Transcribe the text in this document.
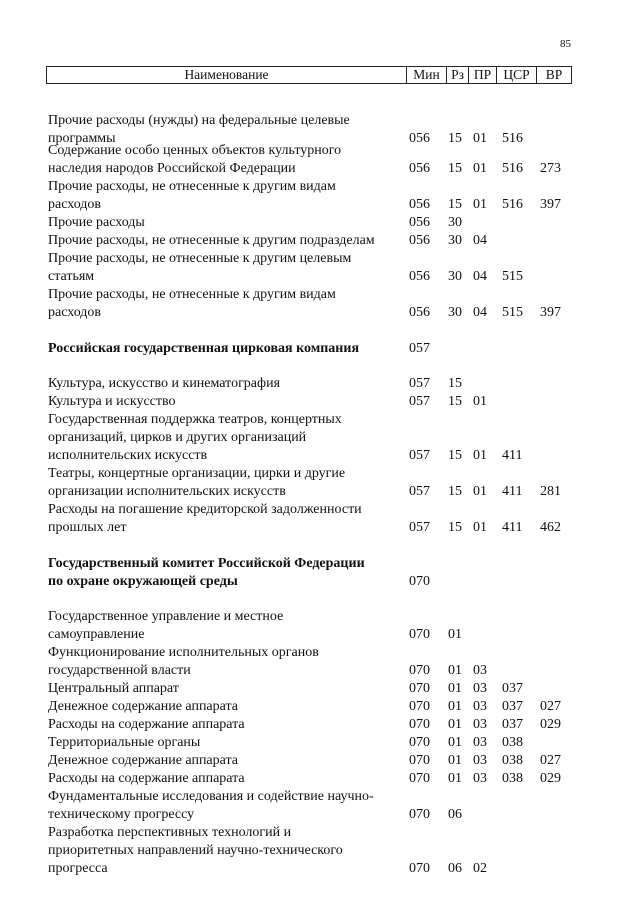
85
Наименование	Мин Рз ПР ЦСР	ВР
Прочие расходы (нужды) на федеральные целевые
программы	056 15 01 516
Содержание особо ценных объектов культурного
наследия народов Российской Федерации	056 15 01 516 273
Прочие расходы, не отнесенные к другим видам
расходов	056 15 01 516 397
Прочие расходы	056 30
Прочие расходы, не отнесенные к другим подразделам	056 30 04
Прочие расходы, не отнесенные к другим целевым
статьям	056 30 04 515
Прочие расходы, не отнесенные к другим видам
расходов	056 30 04 515 397
Российская государственная цирковая компания	057
Культура, искусство и кинематография	057 15
Культура и искусство	057 15 01
Государственная поддержка театров, концертных
организаций, цирков и других организаций
исполнительских искусств	057 15 01 411
Театры, концертные организации, цирки и другие
организации исполнительских искусств	057 15 01 411 281
Расходы на погашение кредиторской задолженности
прошлых лет	057 15 01 411 462
Государственный комитет Российской Федерации
по охране окружающей среды	070
Государственное управление и местное
самоуправление	070 01
Функционирование исполнительных органов
государственной власти	070 01 03
Центральный аппарат	070 01 03 037
Денежное содержание аппарата	070 01 03 037 027
Расходы на содержание аппарата	070 01 03 037 029
Территориальные органы	070 01 03 038
Денежное содержание аппарата	070 01 03 038 027
Расходы на содержание аппарата	070 01 03 038 029
Фундаментальные исследования и содействие научно-
техническому прогрессу	070 06
Разработка перспективных технологий и
приоритетных направлений научно-технического
прогресса	070 06 02
